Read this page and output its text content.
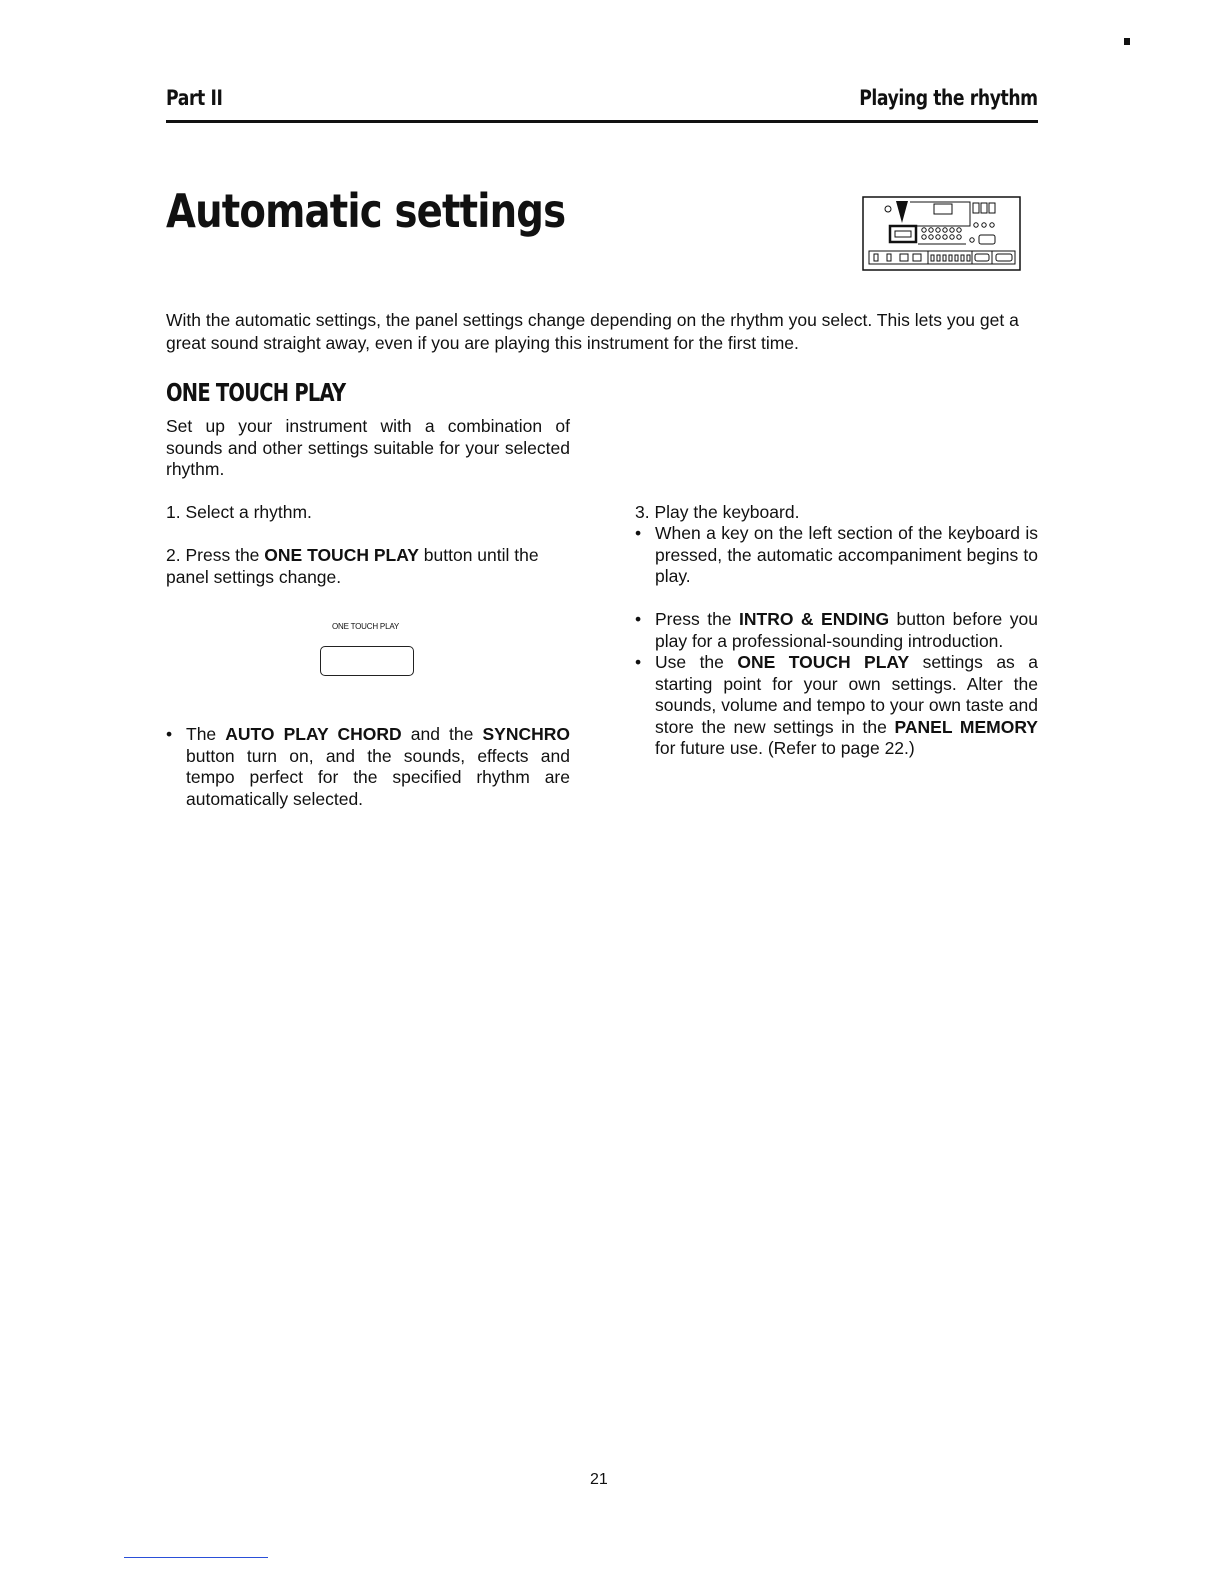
Part II	Playing the rhythm
Automatic settings

With the automatic settings, the panel settings change depending on the rhythm you select. This lets you get a great sound straight away, even if you are playing this instrument for the first time.

ONE TOUCH PLAY

Set up your instrument with a combination of sounds and other settings suitable for your selected rhythm.

1. Select a rhythm.
2. Press the ONE TOUCH PLAY button until the panel settings change.
ONE TOUCH PLAY

• The AUTO PLAY CHORD and the SYNCHRO button turn on, and the sounds, effects and tempo perfect for the specified rhythm are automatically selected.

3. Play the keyboard.

• When a key on the left section of the keyboard is pressed, the automatic accompaniment begins to play.

• Press the INTRO & ENDING button before you play for a professional-sounding introduction.

• Use the ONE TOUCH PLAY settings as a starting point for your own settings. Alter the sounds, volume and tempo to your own taste and store the new settings in the PANEL MEMORY for future use. (Refer to page 22.)

21
